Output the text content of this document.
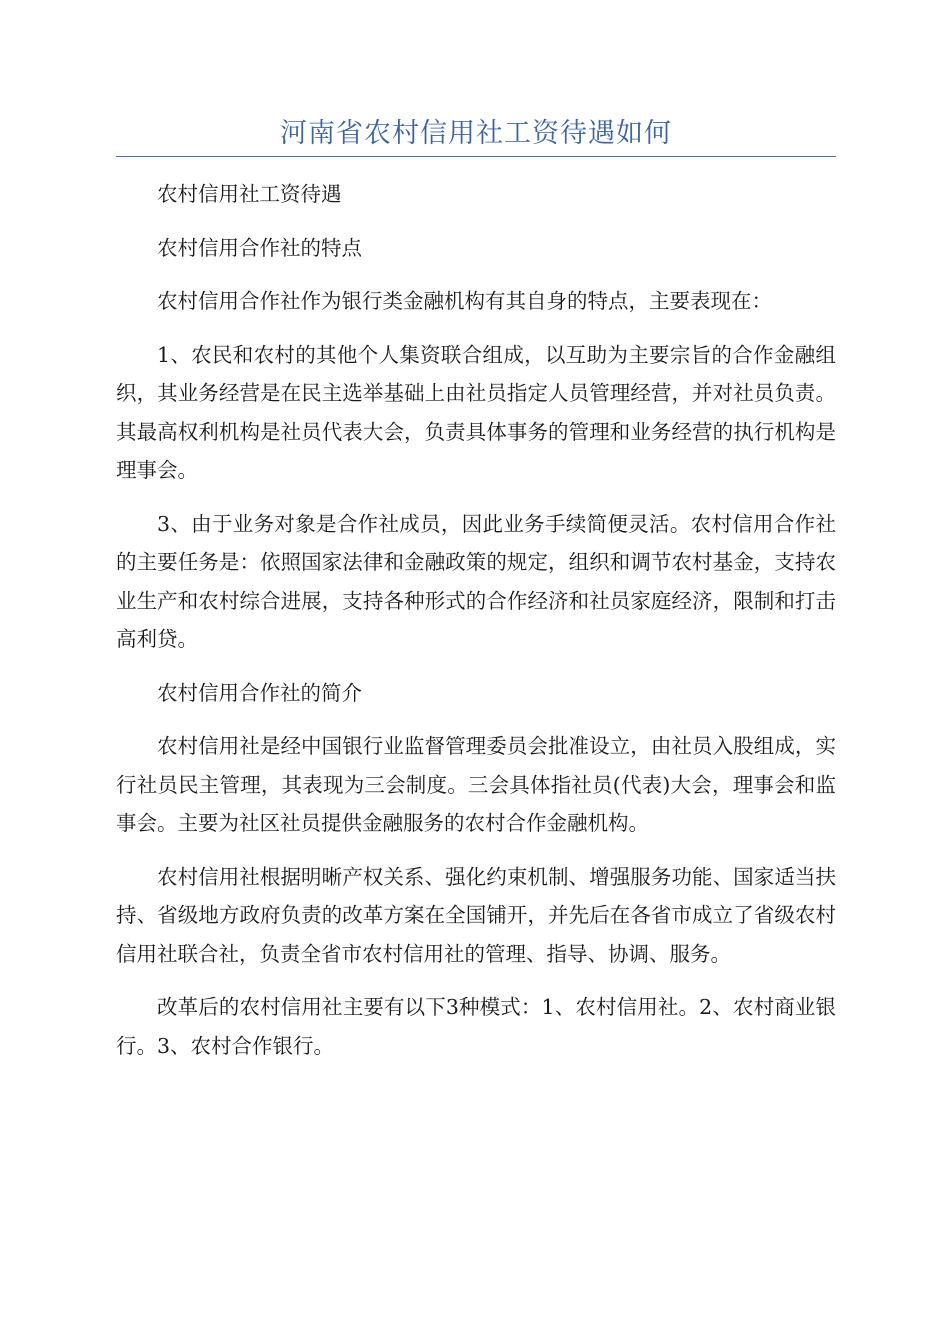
河南省农村信用社工资待遇如何

农村信用社工资待遇

农村信用合作社的特点

农村信用合作社作为银行类金融机构有其自身的特点，主要表现在：

1、农民和农村的其他个人集资联合组成，以互助为主要宗旨的合作金融组织，其业务经营是在民主选举基础上由社员指定人员管理经营，并对社员负责。其最高权利机构是社员代表大会，负责具体事务的管理和业务经营的执行机构是理事会。

3、由于业务对象是合作社成员，因此业务手续简便灵活。农村信用合作社的主要任务是：依照国家法律和金融政策的规定，组织和调节农村基金，支持农业生产和农村综合进展，支持各种形式的合作经济和社员家庭经济，限制和打击高利贷。

农村信用合作社的简介

农村信用社是经中国银行业监督管理委员会批准设立，由社员入股组成，实行社员民主管理，其表现为三会制度。三会具体指社员(代表)大会，理事会和监事会。主要为社区社员提供金融服务的农村合作金融机构。

农村信用社根据明晰产权关系、强化约束机制、增强服务功能、国家适当扶持、省级地方政府负责的改革方案在全国铺开，并先后在各省市成立了省级农村信用社联合社，负责全省市农村信用社的管理、指导、协调、服务。

改革后的农村信用社主要有以下3种模式：1、农村信用社。2、农村商业银行。3、农村合作银行。
